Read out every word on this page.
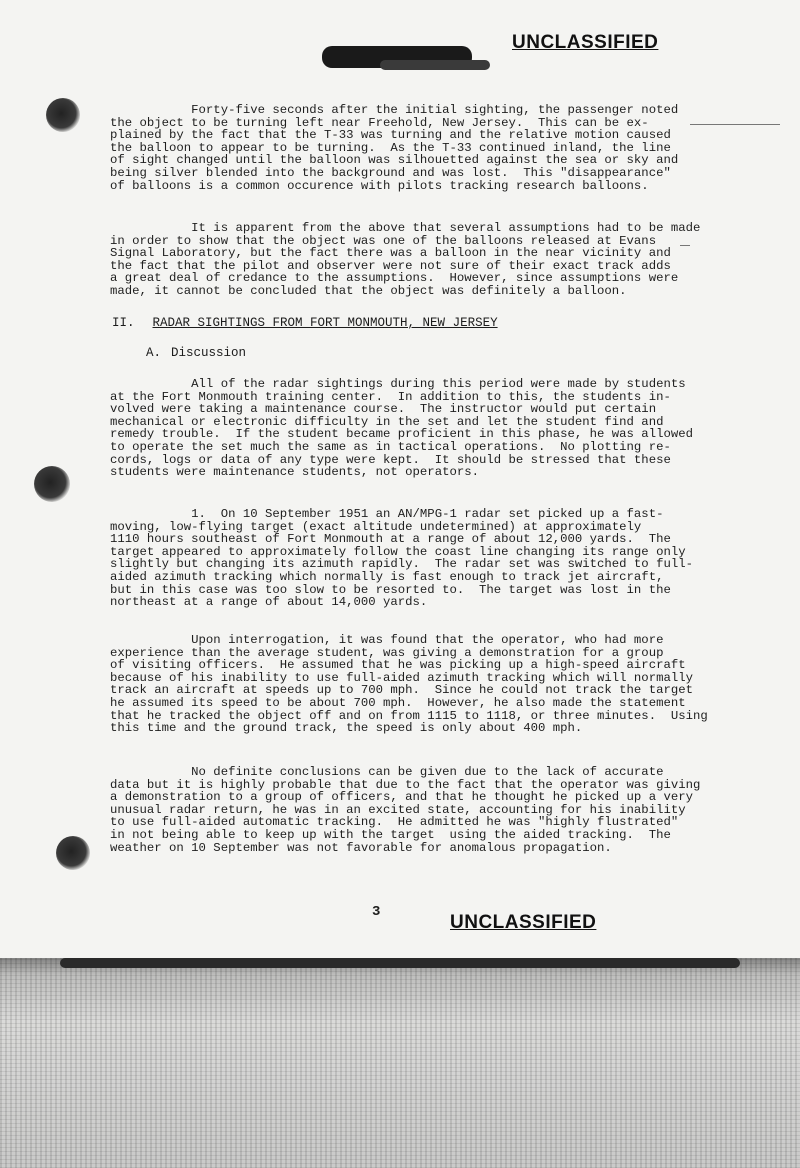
UNCLASSIFIED
Forty-five seconds after the initial sighting, the passenger noted
the object to be turning left near Freehold, New Jersey.  This can be ex-
plained by the fact that the T-33 was turning and the relative motion caused
the balloon to appear to be turning.  As the T-33 continued inland, the line
of sight changed until the balloon was silhouetted against the sea or sky and
being silver blended into the background and was lost.  This "disappearance"
of balloons is a common occurence with pilots tracking research balloons.
It is apparent from the above that several assumptions had to be made
in order to show that the object was one of the balloons released at Evans
Signal Laboratory, but the fact there was a balloon in the near vicinity and
the fact that the pilot and observer were not sure of their exact track adds
a great deal of credance to the assumptions.  However, since assumptions were
made, it cannot be concluded that the object was definitely a balloon.
II. RADAR SIGHTINGS FROM FORT MONMOUTH, NEW JERSEY
A. Discussion
All of the radar sightings during this period were made by students
at the Fort Monmouth training center.  In addition to this, the students in-
volved were taking a maintenance course.  The instructor would put certain
mechanical or electronic difficulty in the set and let the student find and
remedy trouble.  If the student became proficient in this phase, he was allowed
to operate the set much the same as in tactical operations.  No plotting re-
cords, logs or data of any type were kept.  It should be stressed that these
students were maintenance students, not operators.
1.  On 10 September 1951 an AN/MPG-1 radar set picked up a fast-
moving, low-flying target (exact altitude undetermined) at approximately
1110 hours southeast of Fort Monmouth at a range of about 12,000 yards.  The
target appeared to approximately follow the coast line changing its range only
slightly but changing its azimuth rapidly.  The radar set was switched to full-
aided azimuth tracking which normally is fast enough to track jet aircraft,
but in this case was too slow to be resorted to.  The target was lost in the
northeast at a range of about 14,000 yards.
Upon interrogation, it was found that the operator, who had more
experience than the average student, was giving a demonstration for a group
of visiting officers.  He assumed that he was picking up a high-speed aircraft
because of his inability to use full-aided azimuth tracking which will normally
track an aircraft at speeds up to 700 mph.  Since he could not track the target
he assumed its speed to be about 700 mph.  However, he also made the statement
that he tracked the object off and on from 1115 to 1118, or three minutes.  Using
this time and the ground track, the speed is only about 400 mph.
No definite conclusions can be given due to the lack of accurate
data but it is highly probable that due to the fact that the operator was giving
a demonstration to a group of officers, and that he thought he picked up a very
unusual radar return, he was in an excited state, accounting for his inability
to use full-aided automatic tracking.  He admitted he was "highly flustrated"
in not being able to keep up with the target  using the aided tracking.  The
weather on 10 September was not favorable for anomalous propagation.
3	UNCLASSIFIED
